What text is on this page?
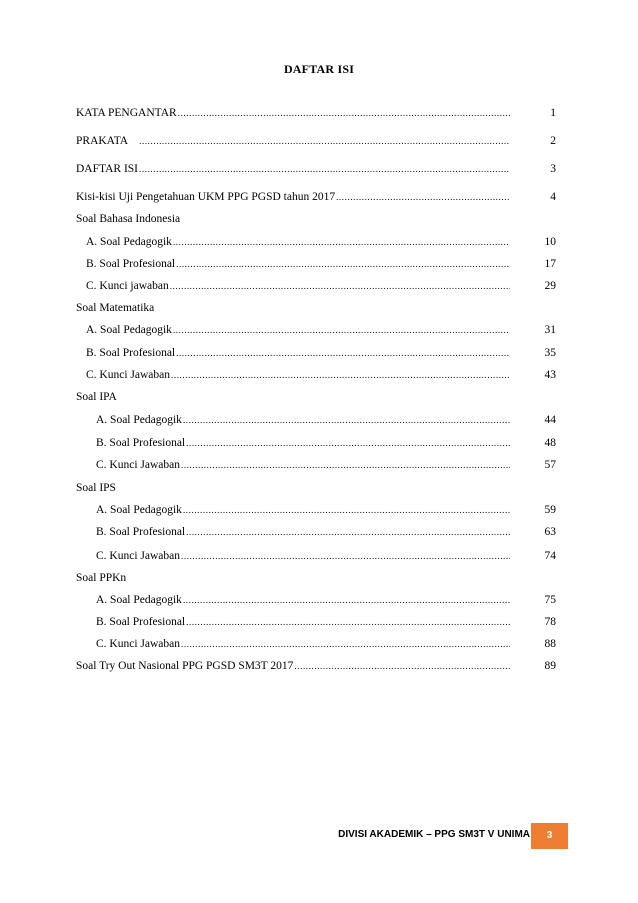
DAFTAR ISI
KATA PENGANTAR .....	1
PRAKATA .....	2
DAFTAR ISI .....	3
Kisi-kisi Uji Pengetahuan UKM PPG PGSD tahun 2017 .....	4
Soal Bahasa Indonesia
A. Soal Pedagogik .....	10
B. Soal Profesional .....	17
C. Kunci jawaban .....	29
Soal Matematika
A. Soal Pedagogik .....	31
B. Soal Profesional .....	35
C. Kunci Jawaban .....	43
Soal IPA
A. Soal Pedagogik .....	44
B. Soal Profesional .....	48
C. Kunci Jawaban .....	57
Soal IPS
A. Soal Pedagogik .....	59
B. Soal Profesional .....	63
C. Kunci Jawaban .....	74
Soal PPKn
A. Soal Pedagogik .....	75
B. Soal Profesional .....	78
C. Kunci Jawaban .....	88
Soal Try Out Nasional PPG PGSD SM3T 2017 .....	89
DIVISI AKADEMIK – PPG SM3T V UNIMA	3
